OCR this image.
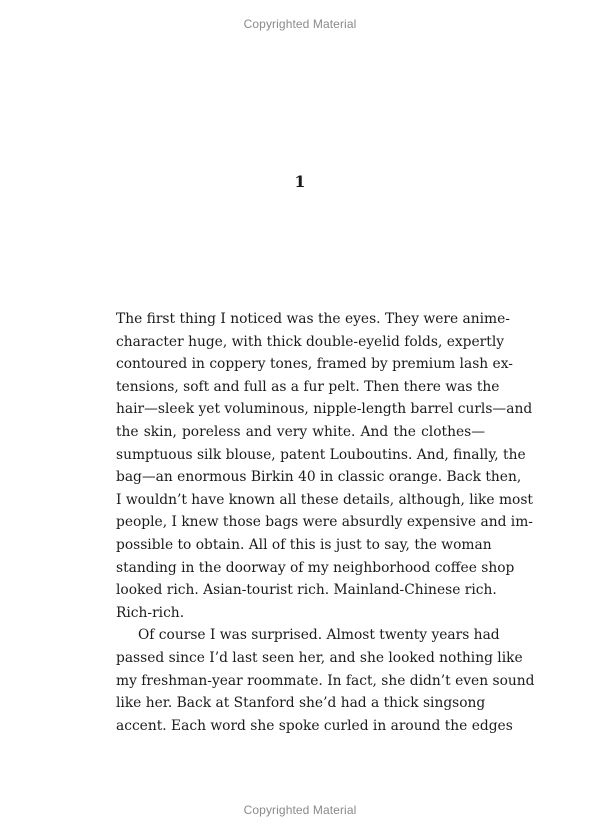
Copyrighted Material
1
The first thing I noticed was the eyes. They were anime-
character huge, with thick double-eyelid folds, expertly
contoured in coppery tones, framed by premium lash ex-
tensions, soft and full as a fur pelt. Then there was the
hair—sleek yet voluminous, nipple-length barrel curls—and
the skin, poreless and very white. And the clothes—
sumptuous silk blouse, patent Louboutins. And, finally, the
bag—an enormous Birkin 40 in classic orange. Back then,
I wouldn’t have known all these details, although, like most
people, I knew those bags were absurdly expensive and im-
possible to obtain. All of this is just to say, the woman
standing in the doorway of my neighborhood coffee shop
looked rich. Asian-tourist rich. Mainland-Chinese rich.
Rich-rich.
Of course I was surprised. Almost twenty years had
passed since I’d last seen her, and she looked nothing like
my freshman-year roommate. In fact, she didn’t even sound
like her. Back at Stanford she’d had a thick singsong
accent. Each word she spoke curled in around the edges
Copyrighted Material
